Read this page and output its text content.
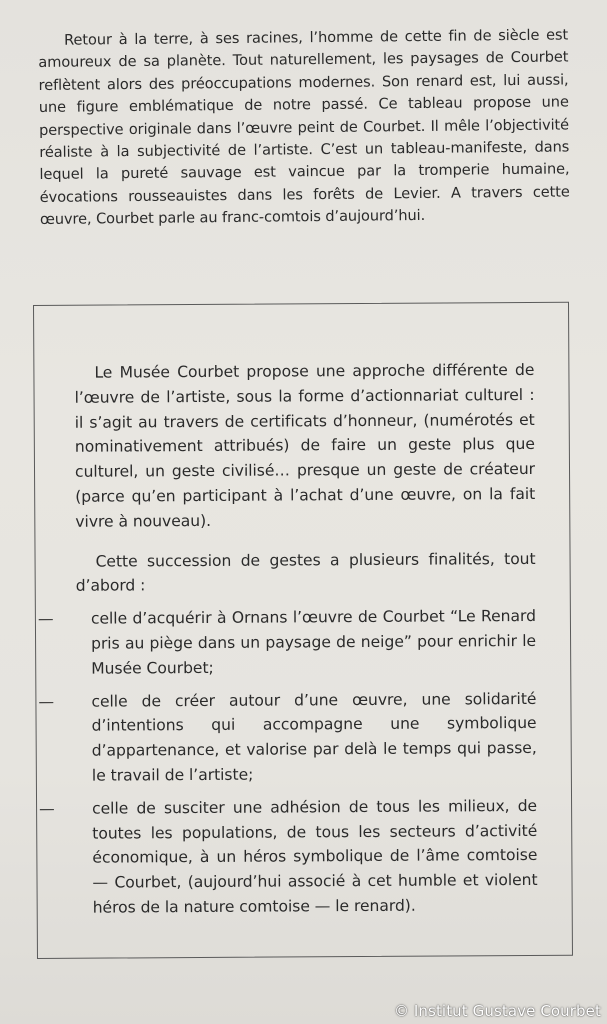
Retour à la terre, à ses racines, l’homme de cette fin de siècle est amoureux de sa planète. Tout naturellement, les paysages de Courbet reflètent alors des préoccupations modernes. Son renard est, lui aussi, une figure emblématique de notre passé. Ce tableau propose une perspective originale dans l’œuvre peint de Courbet. Il mêle l’objectivité réaliste à la subjectivité de l’artiste. C’est un tableau-manifeste, dans lequel la pureté sauvage est vaincue par la tromperie humaine, évocations rousseauistes dans les forêts de Levier. A travers cette œuvre, Courbet parle au franc-comtois d’aujourd’hui.

Le Musée Courbet propose une approche différente de l’œuvre de l’artiste, sous la forme d’actionnariat culturel : il s’agit au travers de certificats d’honneur, (numérotés et nominativement attribués) de faire un geste plus que culturel, un geste civilisé… presque un geste de créateur (parce qu’en participant à l’achat d’une œuvre, on la fait vivre à nouveau).

Cette succession de gestes a plusieurs finalités, tout d’abord :

— celle d’acquérir à Ornans l’œuvre de Courbet “Le Renard pris au piège dans un paysage de neige” pour enrichir le Musée Courbet;
— celle de créer autour d’une œuvre, une solidarité d’intentions qui accompagne une symbolique d’appartenance, et valorise par delà le temps qui passe, le travail de l’artiste;
— celle de susciter une adhésion de tous les milieux, de toutes les populations, de tous les secteurs d’activité économique, à un héros symbolique de l’âme comtoise — Courbet, (aujourd’hui associé à cet humble et violent héros de la nature comtoise — le renard).
© Institut Gustave Courbet
